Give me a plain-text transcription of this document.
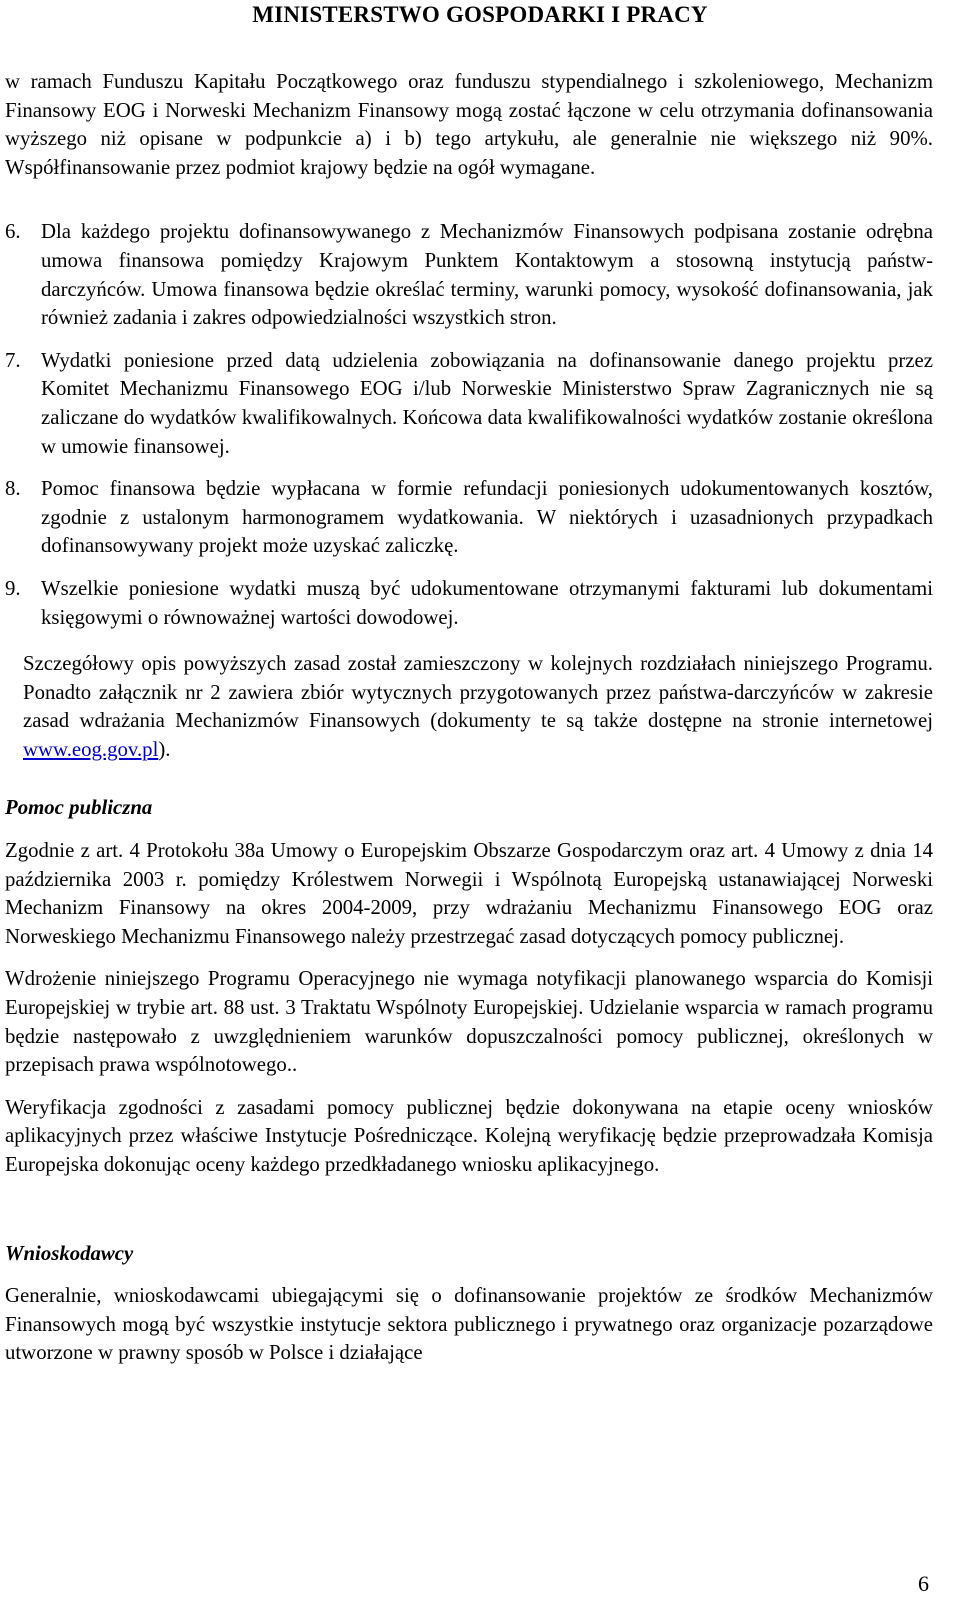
MINISTERSTWO GOSPODARKI I PRACY

w ramach Funduszu Kapitału Początkowego oraz funduszu stypendialnego i szkoleniowego, Mechanizm Finansowy EOG i Norweski Mechanizm Finansowy mogą zostać łączone w celu otrzymania dofinansowania wyższego niż opisane w podpunkcie a) i b) tego artykułu, ale generalnie nie większego niż 90%. Współfinansowanie przez podmiot krajowy będzie na ogół wymagane.

6. Dla każdego projektu dofinansowywanego z Mechanizmów Finansowych podpisana zostanie odrębna umowa finansowa pomiędzy Krajowym Punktem Kontaktowym a stosowną instytucją państw-darczyńców. Umowa finansowa będzie określać terminy, warunki pomocy, wysokość dofinansowania, jak również zadania i zakres odpowiedzialności wszystkich stron.

7. Wydatki poniesione przed datą udzielenia zobowiązania na dofinansowanie danego projektu przez Komitet Mechanizmu Finansowego EOG i/lub Norweskie Ministerstwo Spraw Zagranicznych nie są zaliczane do wydatków kwalifikowalnych. Końcowa data kwalifikowalności wydatków zostanie określona w umowie finansowej.

8. Pomoc finansowa będzie wypłacana w formie refundacji poniesionych udokumentowanych kosztów, zgodnie z ustalonym harmonogramem wydatkowania. W niektórych i uzasadnionych przypadkach dofinansowywany projekt może uzyskać zaliczkę.

9. Wszelkie poniesione wydatki muszą być udokumentowane otrzymanymi fakturami lub dokumentami księgowymi o równoważnej wartości dowodowej.

Szczegółowy opis powyższych zasad został zamieszczony w kolejnych rozdziałach niniejszego Programu. Ponadto załącznik nr 2 zawiera zbiór wytycznych przygotowanych przez państwa-darczyńców w zakresie zasad wdrażania Mechanizmów Finansowych (dokumenty te są także dostępne na stronie internetowej www.eog.gov.pl).

Pomoc publiczna

Zgodnie z art. 4 Protokołu 38a Umowy o Europejskim Obszarze Gospodarczym oraz art. 4 Umowy z dnia 14 października 2003 r. pomiędzy Królestwem Norwegii i Wspólnotą Europejską ustanawiającej Norweski Mechanizm Finansowy na okres 2004-2009, przy wdrażaniu Mechanizmu Finansowego EOG oraz Norweskiego Mechanizmu Finansowego należy przestrzegać zasad dotyczących pomocy publicznej.

Wdrożenie niniejszego Programu Operacyjnego nie wymaga notyfikacji planowanego wsparcia do Komisji Europejskiej w trybie art. 88 ust. 3 Traktatu Wspólnoty Europejskiej. Udzielanie wsparcia w ramach programu będzie następowało z uwzględnieniem warunków dopuszczalności pomocy publicznej, określonych w przepisach prawa wspólnotowego..

Weryfikacja zgodności z zasadami pomocy publicznej będzie dokonywana na etapie oceny wniosków aplikacyjnych przez właściwe Instytucje Pośredniczące. Kolejną weryfikację będzie przeprowadzała Komisja Europejska dokonując oceny każdego przedkładanego wniosku aplikacyjnego.

Wnioskodawcy

Generalnie, wnioskodawcami ubiegającymi się o dofinansowanie projektów ze środków Mechanizmów Finansowych mogą być wszystkie instytucje sektora publicznego i prywatnego oraz organizacje pozarządowe utworzone w prawny sposób w Polsce i działające

6
